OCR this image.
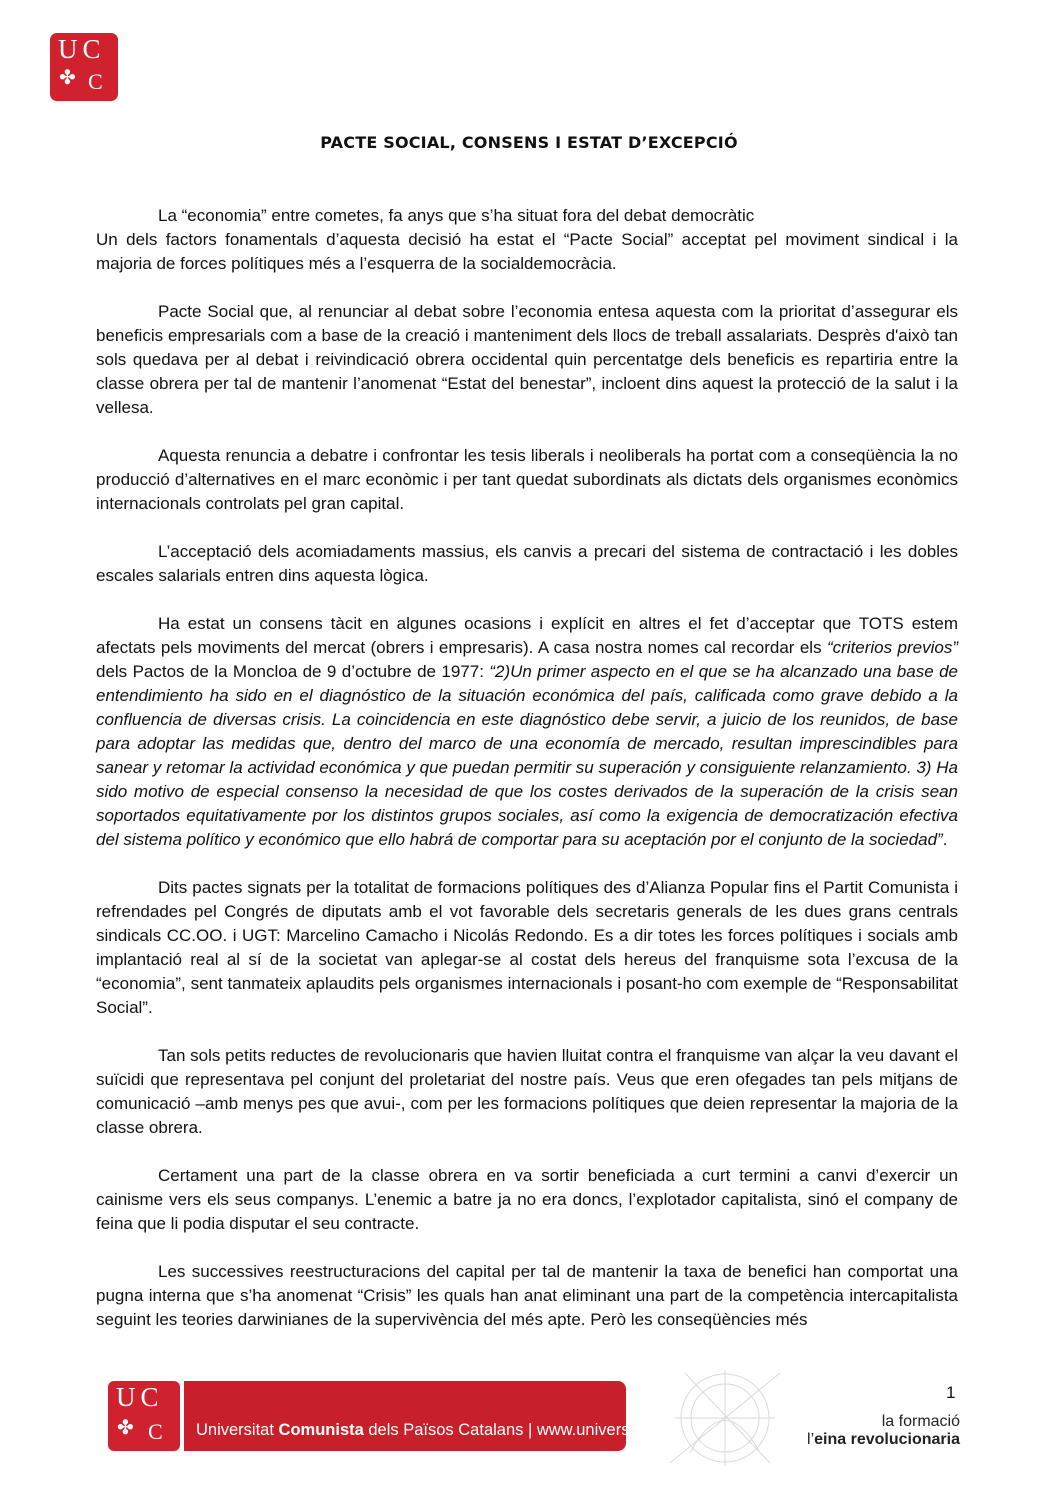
UC
✤ C
PACTE SOCIAL, CONSENS I ESTAT D’EXCEPCIÓ

La “economia” entre cometes, fa anys que s’ha situat fora del debat democràtic
Un dels factors fonamentals d’aquesta decisió ha estat el “Pacte Social” acceptat pel moviment sindical i la majoria de forces polítiques més a l’esquerra de la socialdemocràcia.

Pacte Social que, al renunciar al debat sobre l’economia entesa aquesta com la prioritat d’assegurar els beneficis empresarials com a base de la creació i manteniment dels llocs de treball assalariats. Desprès d'això tan sols quedava per al debat i reivindicació obrera occidental quin percentatge dels beneficis es repartiria entre la classe obrera per tal de mantenir l’anomenat “Estat del benestar”, incloent dins aquest la protecció de la salut i la vellesa.

Aquesta renuncia a debatre i confrontar les tesis liberals i neoliberals ha portat com a conseqüència la no producció d’alternatives en el marc econòmic i per tant quedat subordinats als dictats dels organismes econòmics internacionals controlats pel gran capital.

L’acceptació dels acomiadaments massius, els canvis a precari del sistema de contractació i les dobles escales salarials entren dins aquesta lògica.

Ha estat un consens tàcit en algunes ocasions i explícit en altres el fet d’acceptar que TOTS estem afectats pels moviments del mercat (obrers i empresaris). A casa nostra nomes cal recordar els “criterios previos” dels Pactos de la Moncloa de 9 d’octubre de 1977: “2)Un primer aspecto en el que se ha alcanzado una base de entendimiento ha sido en el diagnóstico de la situación económica del país, calificada como grave debido a la confluencia de diversas crisis. La coincidencia en este diagnóstico debe servir, a juicio de los reunidos, de base para adoptar las medidas que, dentro del marco de una economía de mercado, resultan imprescindibles para sanear y retomar la actividad económica y que puedan permitir su superación y consiguiente relanzamiento. 3) Ha sido motivo de especial consenso la necesidad de que los costes derivados de la superación de la crisis sean soportados equitativamente por los distintos grupos sociales, así como la exigencia de democratización efectiva del sistema político y económico que ello habrá de comportar para su aceptación por el conjunto de la sociedad”.

Dits pactes signats per la totalitat de formacions polítiques des d’Alianza Popular fins el Partit Comunista i refrendades pel Congrés de diputats amb el vot favorable dels secretaris generals de les dues grans centrals sindicals CC.OO. i UGT: Marcelino Camacho i Nicolás Redondo. Es a dir totes les forces polítiques i socials amb implantació real al sí de la societat van aplegar-se al costat dels hereus del franquisme sota l’excusa de la “economia”, sent tanmateix aplaudits pels organismes internacionals i posant-ho com exemple de “Responsabilitat Social”.

Tan sols petits reductes de revolucionaris que havien lluitat contra el franquisme van alçar la veu davant el suïcidi que representava pel conjunt del proletariat del nostre país. Veus que eren ofegades tan pels mitjans de comunicació –amb menys pes que avui-, com per les formacions polítiques que deien representar la majoria de la classe obrera.

Certament una part de la classe obrera en va sortir beneficiada a curt termini a canvi d’exercir un cainisme vers els seus companys. L’enemic a batre ja no era doncs, l’explotador capitalista, sinó el company de feina que li podia disputar el seu contracte.

Les successives reestructuracions del capital per tal de mantenir la taxa de benefici han comportat una pugna interna que s’ha anomenat “Crisis” les quals han anat eliminant una part de la competència intercapitalista seguint les teories darwinianes de la supervivència del més apte. Però les conseqüències més

1
UC
✤ C Universitat Comunista dels Països Catalans | www.universitat.cat	la formació
l’eina revolucionaria
